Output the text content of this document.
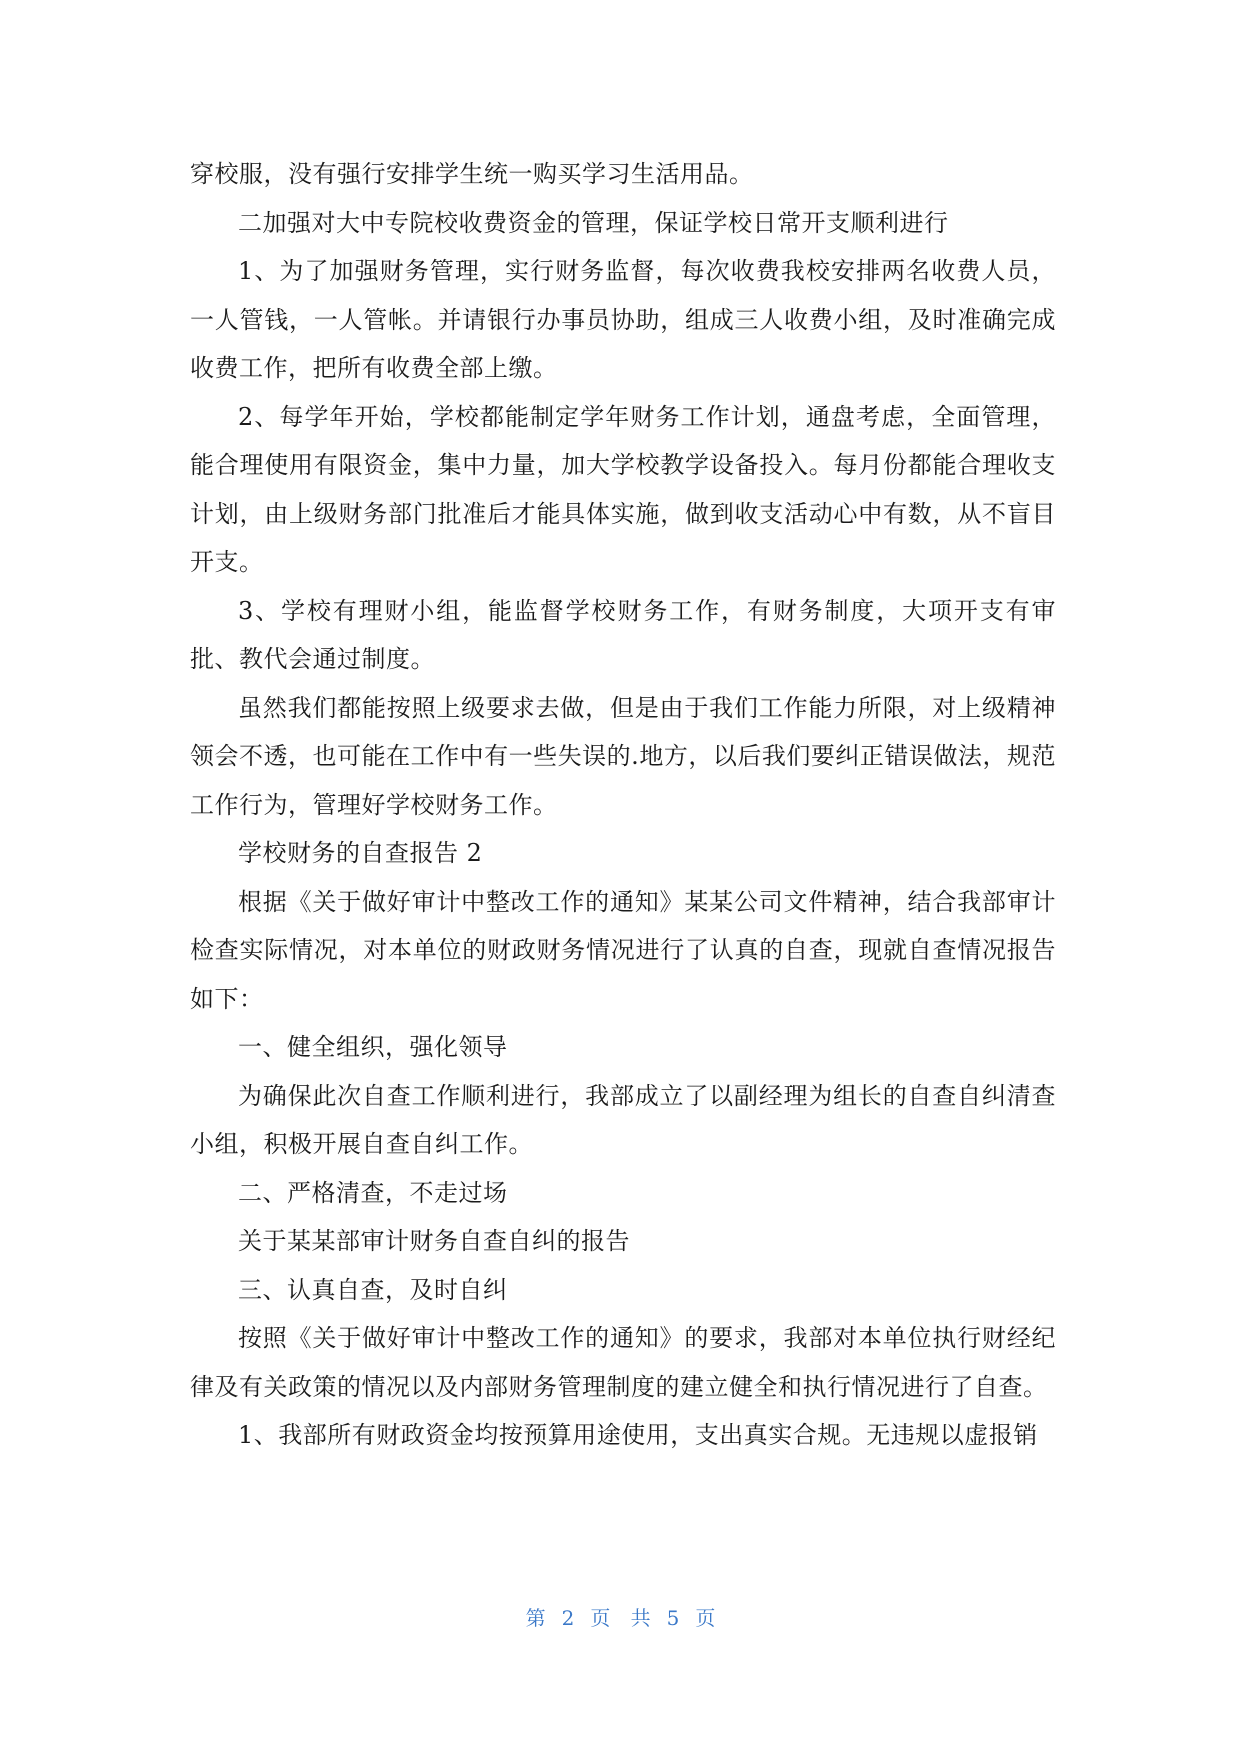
穿校服，没有强行安排学生统一购买学习生活用品。

二加强对大中专院校收费资金的管理，保证学校日常开支顺利进行

1、为了加强财务管理，实行财务监督，每次收费我校安排两名收费人员，一人管钱，一人管帐。并请银行办事员协助，组成三人收费小组，及时准确完成收费工作，把所有收费全部上缴。

2、每学年开始，学校都能制定学年财务工作计划，通盘考虑，全面管理，能合理使用有限资金，集中力量，加大学校教学设备投入。每月份都能合理收支计划，由上级财务部门批准后才能具体实施，做到收支活动心中有数，从不盲目开支。

3、学校有理财小组，能监督学校财务工作，有财务制度，大项开支有审批、教代会通过制度。

虽然我们都能按照上级要求去做，但是由于我们工作能力所限，对上级精神领会不透，也可能在工作中有一些失误的.地方，以后我们要纠正错误做法，规范工作行为，管理好学校财务工作。

学校财务的自查报告 2

根据《关于做好审计中整改工作的通知》某某公司文件精神，结合我部审计检查实际情况，对本单位的财政财务情况进行了认真的自查，现就自查情况报告如下：

一、健全组织，强化领导

为确保此次自查工作顺利进行，我部成立了以副经理为组长的自查自纠清查小组，积极开展自查自纠工作。

二、严格清查，不走过场

关于某某部审计财务自查自纠的报告

三、认真自查，及时自纠

按照《关于做好审计中整改工作的通知》的要求，我部对本单位执行财经纪律及有关政策的情况以及内部财务管理制度的建立健全和执行情况进行了自查。

1、我部所有财政资金均按预算用途使用，支出真实合规。无违规以虚报销

第 2 页 共 5 页
